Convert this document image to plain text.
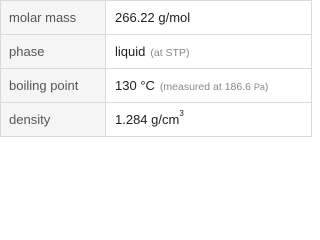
molar mass	266.22 g/mol
phase	liquid (at STP)
boiling point	130 °C (measured at 186.6 Pa)
density	1.284 $g/cm^3$
